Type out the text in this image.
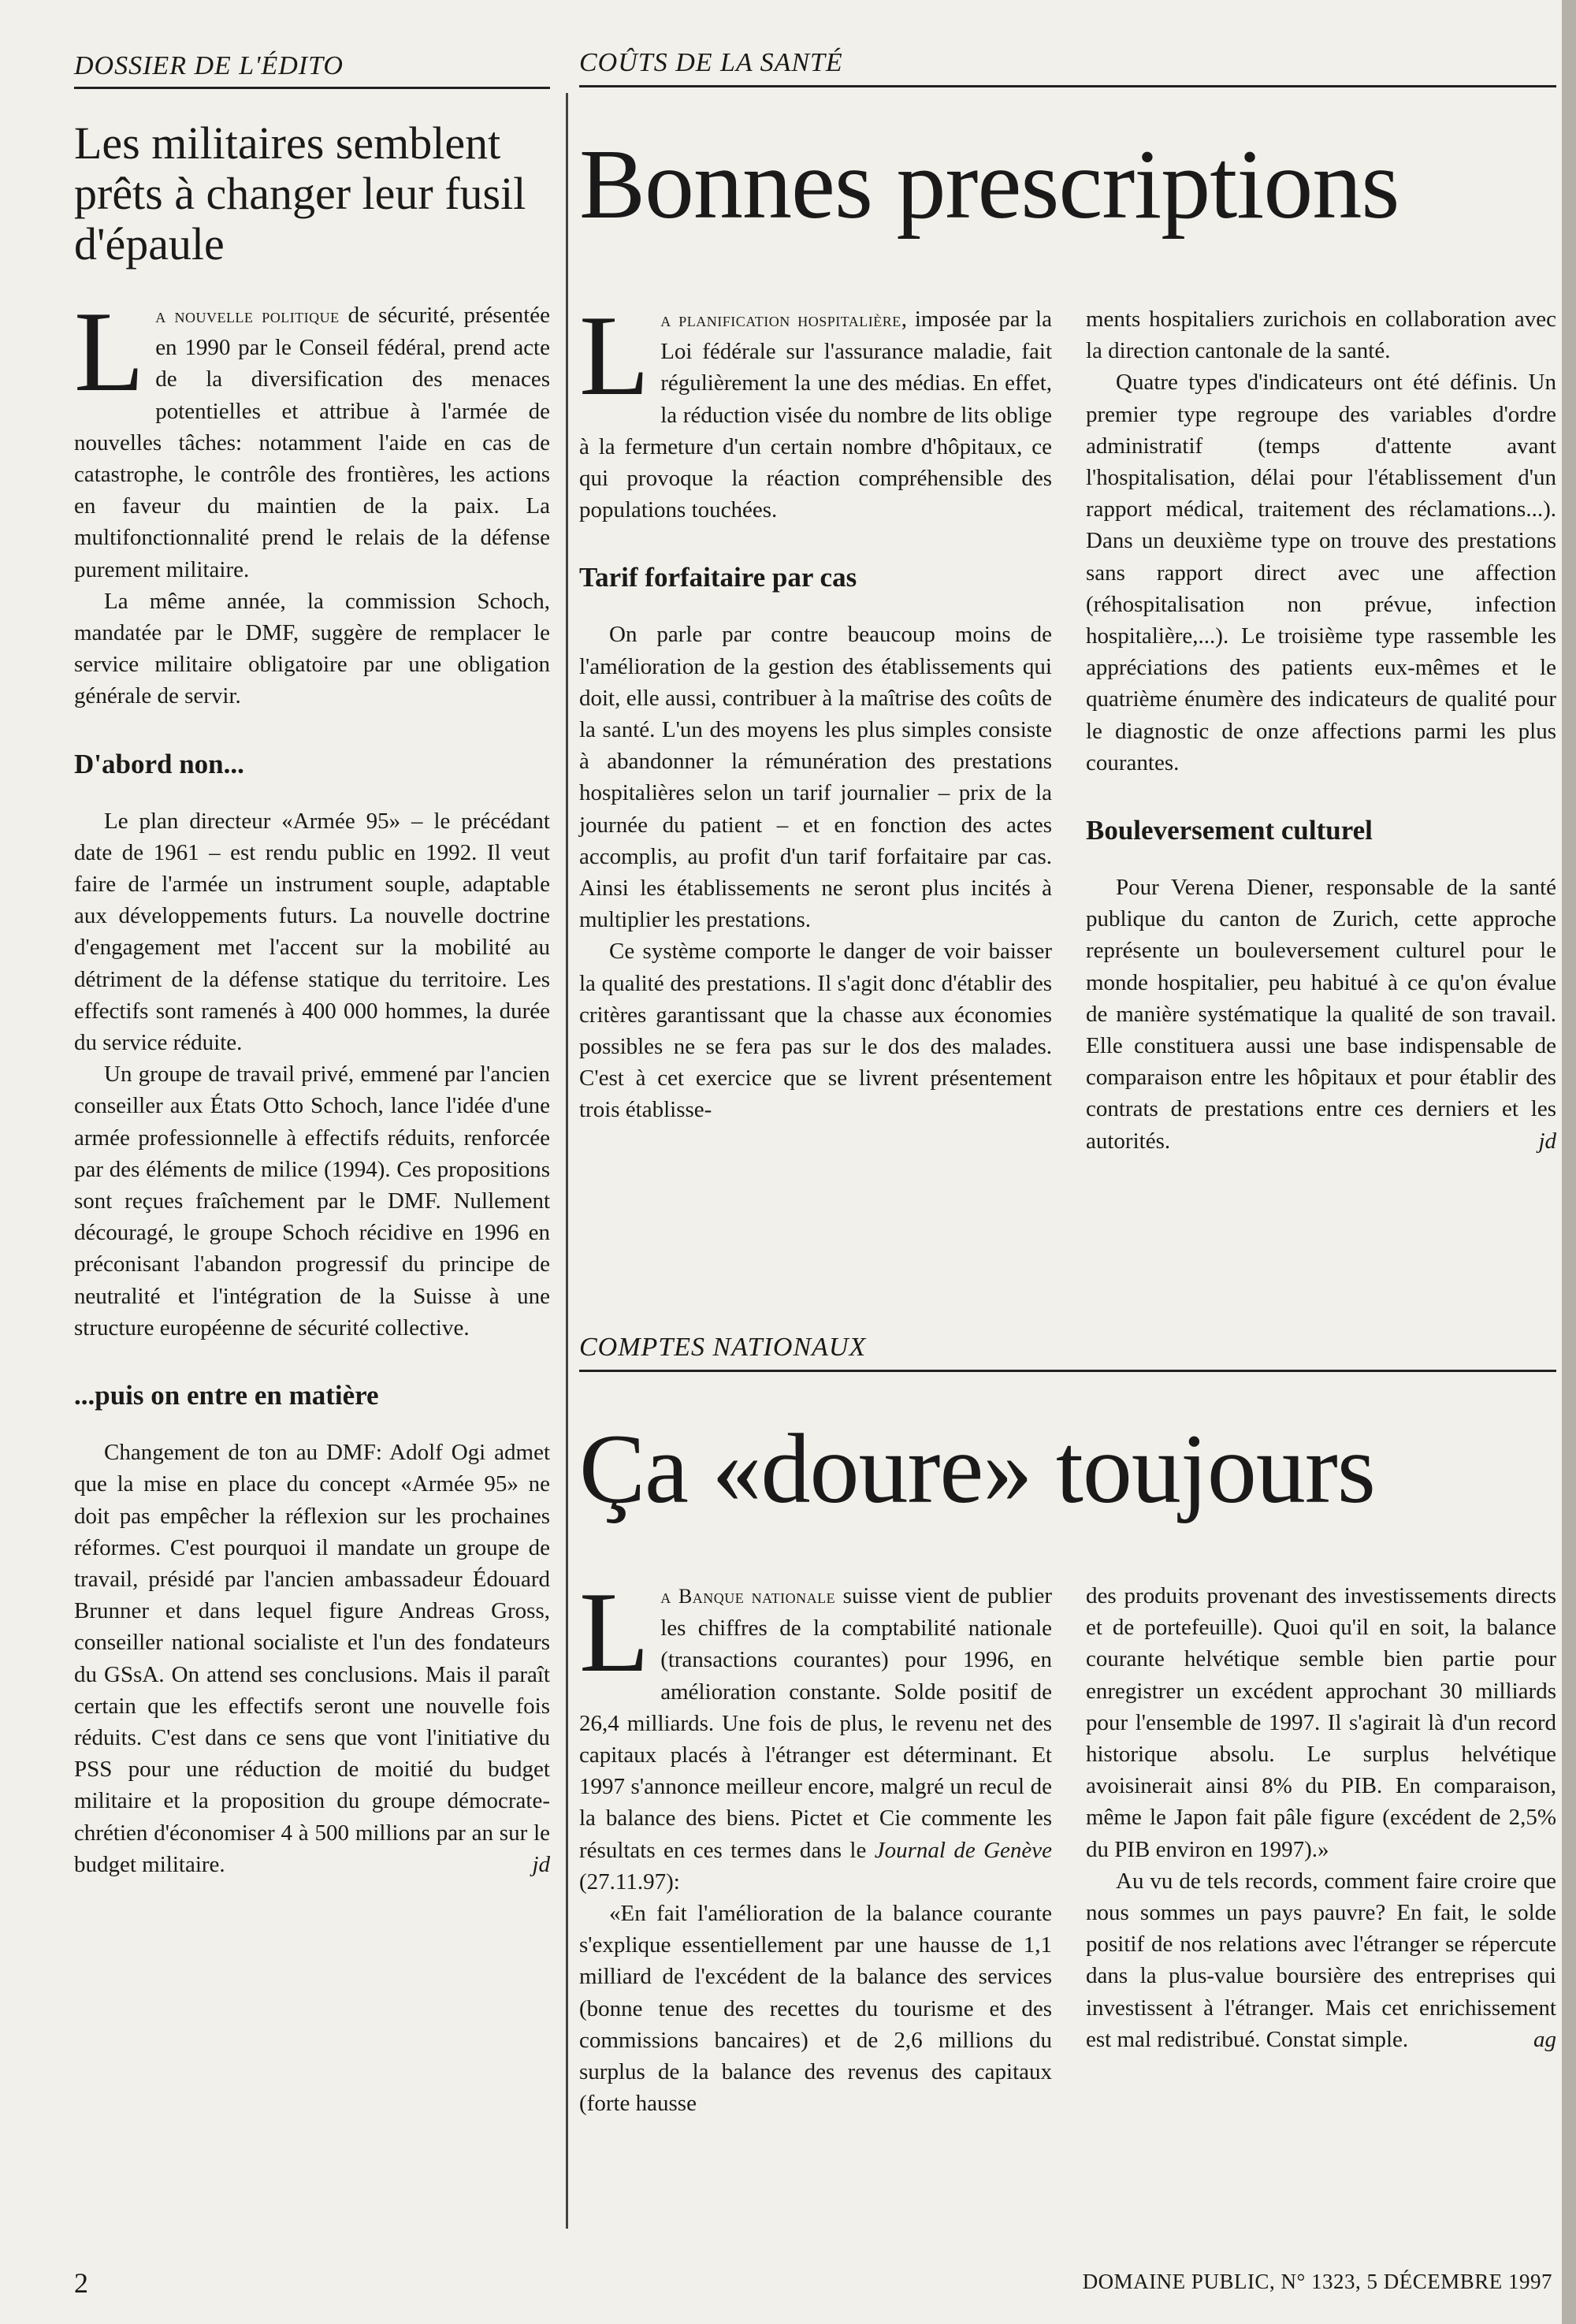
DOSSIER DE L'ÉDITO	COÛTS DE LA SANTÉ
Les militaires semblent prêts à changer leur fusil d'épaule

La nouvelle politique de sécurité, présentée en 1990 par le Conseil fédéral, prend acte de la diversification des menaces potentielles et attribue à l'armée de nouvelles tâches: notamment l'aide en cas de catastrophe, le contrôle des frontières, les actions en faveur du maintien de la paix. La multifonctionnalité prend le relais de la défense purement militaire.

La même année, la commission Schoch, mandatée par le DMF, suggère de remplacer le service militaire obligatoire par une obligation générale de servir.

D'abord non...

Le plan directeur «Armée 95» – le précédant date de 1961 – est rendu public en 1992. Il veut faire de l'armée un instrument souple, adaptable aux développements futurs. La nouvelle doctrine d'engagement met l'accent sur la mobilité au détriment de la défense statique du territoire. Les effectifs sont ramenés à 400 000 hommes, la durée du service réduite.

Un groupe de travail privé, emmené par l'ancien conseiller aux États Otto Schoch, lance l'idée d'une armée professionnelle à effectifs réduits, renforcée par des éléments de milice (1994). Ces propositions sont reçues fraîchement par le DMF. Nullement découragé, le groupe Schoch récidive en 1996 en préconisant l'abandon progressif du principe de neutralité et l'intégration de la Suisse à une structure européenne de sécurité collective.

...puis on entre en matière

Changement de ton au DMF: Adolf Ogi admet que la mise en place du concept «Armée 95» ne doit pas empêcher la réflexion sur les prochaines réformes. C'est pourquoi il mandate un groupe de travail, présidé par l'ancien ambassadeur Édouard Brunner et dans lequel figure Andreas Gross, conseiller national socialiste et l'un des fondateurs du GSsA. On attend ses conclusions. Mais il paraît certain que les effectifs seront une nouvelle fois réduits. C'est dans ce sens que vont l'initiative du PSS pour une réduction de moitié du budget militaire et la proposition du groupe démocrate-chrétien d'économiser 4 à 500 millions par an sur le budget militaire.	jd

Bonnes prescriptions

La planification hospitalière, imposée par la Loi fédérale sur l'assurance maladie, fait régulièrement la une des médias. En effet, la réduction visée du nombre de lits oblige à la fermeture d'un certain nombre d'hôpitaux, ce qui provoque la réaction compréhensible des populations touchées.

Tarif forfaitaire par cas

On parle par contre beaucoup moins de l'amélioration de la gestion des établissements qui doit, elle aussi, contribuer à la maîtrise des coûts de la santé. L'un des moyens les plus simples consiste à abandonner la rémunération des prestations hospitalières selon un tarif journalier – prix de la journée du patient – et en fonction des actes accomplis, au profit d'un tarif forfaitaire par cas. Ainsi les établissements ne seront plus incités à multiplier les prestations.

Ce système comporte le danger de voir baisser la qualité des prestations. Il s'agit donc d'établir des critères garantissant que la chasse aux économies possibles ne se fera pas sur le dos des malades. C'est à cet exercice que se livrent présentement trois établisse-

ments hospitaliers zurichois en collaboration avec la direction cantonale de la santé.

Quatre types d'indicateurs ont été définis. Un premier type regroupe des variables d'ordre administratif (temps d'attente avant l'hospitalisation, délai pour l'établissement d'un rapport médical, traitement des réclamations...). Dans un deuxième type on trouve des prestations sans rapport direct avec une affection (réhospitalisation non prévue, infection hospitalière,...). Le troisième type rassemble les appréciations des patients eux-mêmes et le quatrième énumère des indicateurs de qualité pour le diagnostic de onze affections parmi les plus courantes.

Bouleversement culturel

Pour Verena Diener, responsable de la santé publique du canton de Zurich, cette approche représente un bouleversement culturel pour le monde hospitalier, peu habitué à ce qu'on évalue de manière systématique la qualité de son travail. Elle constituera aussi une base indispensable de comparaison entre les hôpitaux et pour établir des contrats de prestations entre ces derniers et les autorités.	jd

COMPTES NATIONAUX
Ça «doure» toujours

La Banque nationale suisse vient de publier les chiffres de la comptabilité nationale (transactions courantes) pour 1996, en amélioration constante. Solde positif de 26,4 milliards. Une fois de plus, le revenu net des capitaux placés à l'étranger est déterminant. Et 1997 s'annonce meilleur encore, malgré un recul de la balance des biens. Pictet et Cie commente les résultats en ces termes dans le Journal de Genève (27.11.97):

«En fait l'amélioration de la balance courante s'explique essentiellement par une hausse de 1,1 milliard de l'excédent de la balance des services (bonne tenue des recettes du tourisme et des commissions bancaires) et de 2,6 millions du surplus de la balance des revenus des capitaux (forte hausse

des produits provenant des investissements directs et de portefeuille). Quoi qu'il en soit, la balance courante helvétique semble bien partie pour enregistrer un excédent approchant 30 milliards pour l'ensemble de 1997. Il s'agirait là d'un record historique absolu. Le surplus helvétique avoisinerait ainsi 8% du PIB. En comparaison, même le Japon fait pâle figure (excédent de 2,5% du PIB environ en 1997).»

Au vu de tels records, comment faire croire que nous sommes un pays pauvre? En fait, le solde positif de nos relations avec l'étranger se répercute dans la plus-value boursière des entreprises qui investissent à l'étranger. Mais cet enrichissement est mal redistribué. Constat simple.	ag

2	DOMAINE PUBLIC, N° 1323, 5 DÉCEMBRE 1997
